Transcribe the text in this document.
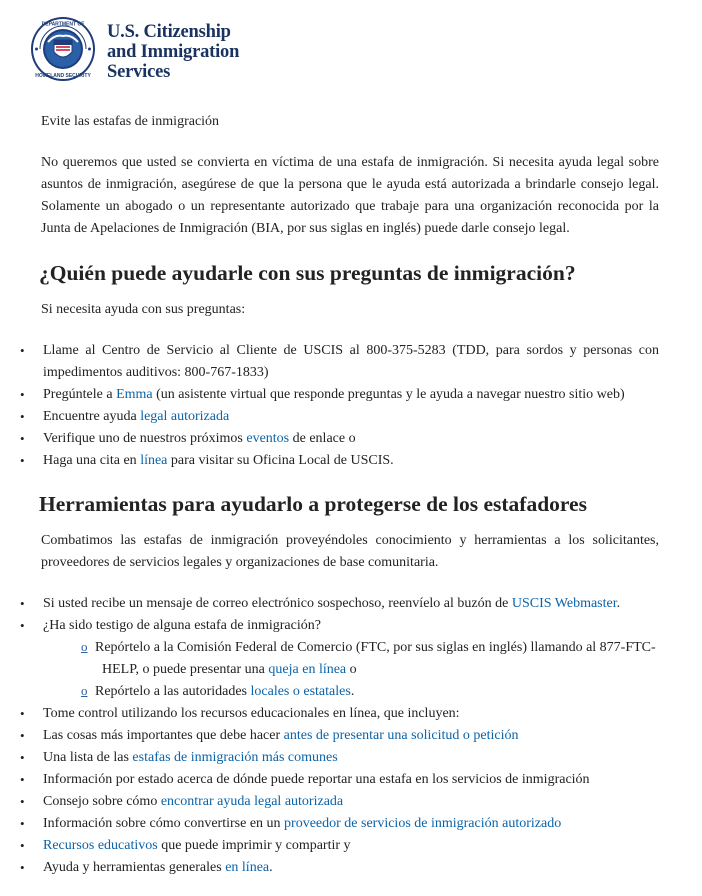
DEPARTMENT OF
HOMELAND SECURITY
U.S. Citizenship
and Immigration
Services

Evite las estafas de inmigración

No queremos que usted se convierta en víctima de una estafa de inmigración. Si necesita ayuda legal sobre asuntos de inmigración, asegúrese de que la persona que le ayuda está autorizada a brindarle consejo legal. Solamente un abogado o un representante autorizado que trabaje para una organización reconocida por la Junta de Apelaciones de Inmigración (BIA, por sus siglas en inglés) puede darle consejo legal.

¿Quién puede ayudarle con sus preguntas de inmigración?

Si necesita ayuda con sus preguntas:

• Llame al Centro de Servicio al Cliente de USCIS al 800-375-5283 (TDD, para sordos y personas con impedimentos auditivos: 800-767-1833)
• Pregúntele a Emma (un asistente virtual que responde preguntas y le ayuda a navegar nuestro sitio web)
• Encuentre ayuda legal autorizada
• Verifique uno de nuestros próximos eventos de enlace o
• Haga una cita en línea para visitar su Oficina Local de USCIS.
Herramientas para ayudarlo a protegerse de los estafadores

Combatimos las estafas de inmigración proveyéndoles conocimiento y herramientas a los solicitantes, proveedores de servicios legales y organizaciones de base comunitaria.

• Si usted recibe un mensaje de correo electrónico sospechoso, reenvíelo al buzón de USCIS Webmaster.
• ¿Ha sido testigo de alguna estafa de inmigración?
o Repórtelo a la Comisión Federal de Comercio (FTC, por sus siglas en inglés) llamando al 877-FTC-
HELP, o puede presentar una queja en línea o
o Repórtelo a las autoridades locales o estatales.
• Tome control utilizando los recursos educacionales en línea, que incluyen:
• Las cosas más importantes que debe hacer antes de presentar una solicitud o petición
• Una lista de las estafas de inmigración más comunes
• Información por estado acerca de dónde puede reportar una estafa en los servicios de inmigración
• Consejo sobre cómo encontrar ayuda legal autorizada
• Información sobre cómo convertirse en un proveedor de servicios de inmigración autorizado
• Recursos educativos que puede imprimir y compartir y
• Ayuda y herramientas generales en línea.
